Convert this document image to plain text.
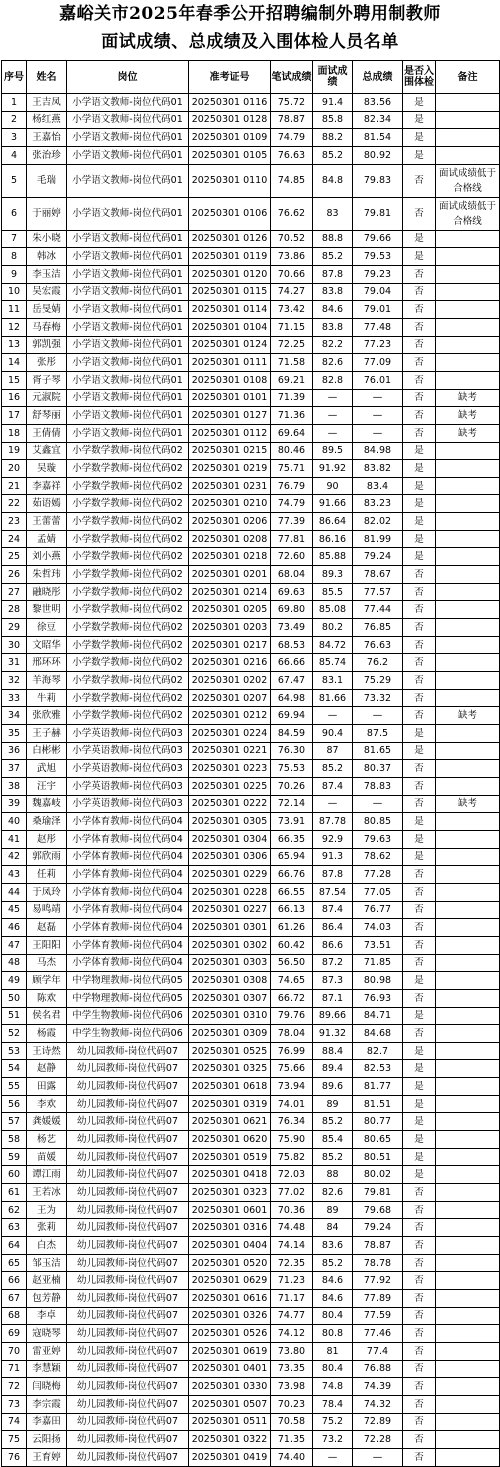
嘉峪关市2025年春季公开招聘编制外聘用制教师
面试成绩、总成绩及入围体检人员名单
序号	姓名	岗位	准考证号	笔试成绩	面试成绩	总成绩	是否入围体检	备注
1	王吉凤	小学语文教师-岗位代码01	20250301 0116	75.72	91.4	83.56	是	
2	杨红燕	小学语文教师-岗位代码01	20250301 0128	78.87	85.8	82.34	是	
3	王嘉怡	小学语文教师-岗位代码01	20250301 0109	74.79	88.2	81.54	是	
4	张治珍	小学语文教师-岗位代码01	20250301 0105	76.63	85.2	80.92	是	
5	毛瑞	小学语文教师-岗位代码01	20250301 0110	74.85	84.8	79.83	否	面试成绩低于合格线
6	于丽婷	小学语文教师-岗位代码01	20250301 0106	76.62	83	79.81	否	面试成绩低于合格线
7	朱小晓	小学语文教师-岗位代码01	20250301 0126	70.52	88.8	79.66	是	
8	韩冰	小学语文教师-岗位代码01	20250301 0119	73.86	85.2	79.53	是	
9	李玉洁	小学语文教师-岗位代码01	20250301 0120	70.66	87.8	79.23	否	
10	吴宏霞	小学语文教师-岗位代码01	20250301 0115	74.27	83.8	79.04	否	
11	岳旻婧	小学语文教师-岗位代码01	20250301 0114	73.42	84.6	79.01	否	
12	马春梅	小学语文教师-岗位代码01	20250301 0104	71.15	83.8	77.48	否	
13	郭凯强	小学语文教师-岗位代码01	20250301 0124	72.25	82.2	77.23	否	
14	张彤	小学语文教师-岗位代码01	20250301 0111	71.58	82.6	77.09	否	
15	胥子琴	小学语文教师-岗位代码01	20250301 0108	69.21	82.8	76.01	否	
16	元淑院	小学语文教师-岗位代码01	20250301 0101	71.39	—	—	否	缺考
17	舒琴丽	小学语文教师-岗位代码01	20250301 0127	71.36	—	—	否	缺考
18	王倩倩	小学语文教师-岗位代码01	20250301 0112	69.64	—	—	否	缺考
19	艾鑫宜	小学数学教师-岗位代码02	20250301 0215	80.46	89.5	84.98	是	
20	吴璇	小学数学教师-岗位代码02	20250301 0219	75.71	91.92	83.82	是	
21	李嘉祥	小学数学教师-岗位代码02	20250301 0231	76.79	90	83.4	是	
22	茹语嫣	小学数学教师-岗位代码02	20250301 0210	74.79	91.66	83.23	是	
23	王蕾蕾	小学数学教师-岗位代码02	20250301 0206	77.39	86.64	82.02	是	
24	孟婧	小学数学教师-岗位代码02	20250301 0208	77.81	86.16	81.99	是	
25	刘小燕	小学数学教师-岗位代码02	20250301 0218	72.60	85.88	79.24	是	
26	朱哲玮	小学数学教师-岗位代码02	20250301 0201	68.04	89.3	78.67	否	
27	融晓彤	小学数学教师-岗位代码02	20250301 0214	69.63	85.5	77.57	否	
28	黎世明	小学数学教师-岗位代码02	20250301 0205	69.80	85.08	77.44	否	
29	徐豆	小学数学教师-岗位代码02	20250301 0203	73.49	80.2	76.85	否	
30	文昭华	小学数学教师-岗位代码02	20250301 0217	68.53	84.72	76.63	否	
31	邢环环	小学数学教师-岗位代码02	20250301 0216	66.66	85.74	76.2	否	
32	羊海琴	小学数学教师-岗位代码02	20250301 0202	67.47	83.1	75.29	否	
33	牛莉	小学数学教师-岗位代码02	20250301 0207	64.98	81.66	73.32	否	
34	张欣雅	小学数学教师-岗位代码02	20250301 0212	69.94	—	—	否	缺考
35	王子赫	小学英语教师-岗位代码03	20250301 0224	84.59	90.4	87.5	是	
36	白彬彬	小学英语教师-岗位代码03	20250301 0221	76.30	87	81.65	是	
37	武旭	小学英语教师-岗位代码03	20250301 0223	75.53	85.2	80.37	否	
38	汪宇	小学英语教师-岗位代码03	20250301 0225	70.26	87.4	78.83	否	
39	魏嘉岐	小学英语教师-岗位代码03	20250301 0222	72.14	—	—	否	缺考
40	桑瑜泽	小学体育教师-岗位代码04	20250301 0305	73.91	87.78	80.85	是	
41	赵彤	小学体育教师-岗位代码04	20250301 0304	66.35	92.9	79.63	是	
42	郭欣雨	小学体育教师-岗位代码04	20250301 0306	65.94	91.3	78.62	是	
43	任莉	小学体育教师-岗位代码04	20250301 0229	66.76	87.8	77.28	否	
44	于凤玲	小学体育教师-岗位代码04	20250301 0228	66.55	87.54	77.05	否	
45	易鸣靖	小学体育教师-岗位代码04	20250301 0227	66.13	87.4	76.77	否	
46	赵磊	小学体育教师-岗位代码04	20250301 0301	61.26	86.4	74.03	否	
47	王阳阳	小学体育教师-岗位代码04	20250301 0302	60.42	86.6	73.51	否	
48	马杰	小学体育教师-岗位代码04	20250301 0303	56.50	87.2	71.85	否	
49	顾学年	中学物理教师-岗位代码05	20250301 0308	74.65	87.3	80.98	是	
50	陈欢	中学物理教师-岗位代码05	20250301 0307	66.72	87.1	76.93	否	
51	侯名君	中学生物教师-岗位代码06	20250301 0310	79.76	89.66	84.71	是	
52	杨霞	中学生物教师-岗位代码06	20250301 0309	78.04	91.32	84.68	否	
53	王诗然	幼儿园教师-岗位代码07	20250301 0525	76.99	88.4	82.7	是	
54	赵静	幼儿园教师-岗位代码07	20250301 0325	75.66	89.4	82.53	是	
55	田露	幼儿园教师-岗位代码07	20250301 0618	73.94	89.6	81.77	是	
56	李欢	幼儿园教师-岗位代码07	20250301 0319	74.01	89	81.51	是	
57	龚媛媛	幼儿园教师-岗位代码07	20250301 0621	76.34	85.2	80.77	是	
58	杨艺	幼儿园教师-岗位代码07	20250301 0620	75.90	85.4	80.65	是	
59	苗媛	幼儿园教师-岗位代码07	20250301 0519	75.82	85.2	80.51	是	
60	谭江雨	幼儿园教师-岗位代码07	20250301 0418	72.03	88	80.02	是	
61	王若冰	幼儿园教师-岗位代码07	20250301 0323	77.02	82.6	79.81	否	
62	王为	幼儿园教师-岗位代码07	20250301 0601	70.36	89	79.68	否	
63	张莉	幼儿园教师-岗位代码07	20250301 0316	74.48	84	79.24	否	
64	白杰	幼儿园教师-岗位代码07	20250301 0404	74.14	83.6	78.87	否	
65	邹玉洁	幼儿园教师-岗位代码07	20250301 0520	72.35	85.2	78.78	否	
66	赵亚楠	幼儿园教师-岗位代码07	20250301 0629	71.23	84.6	77.92	否	
67	包芳静	幼儿园教师-岗位代码07	20250301 0616	71.17	84.6	77.89	否	
68	李卓	幼儿园教师-岗位代码07	20250301 0326	74.77	80.4	77.59	否	
69	寇晓琴	幼儿园教师-岗位代码07	20250301 0526	74.12	80.8	77.46	否	
70	雷亚婷	幼儿园教师-岗位代码07	20250301 0619	73.80	81	77.4	否	
71	李慧颖	幼儿园教师-岗位代码07	20250301 0401	73.35	80.4	76.88	否	
72	闫晓梅	幼儿园教师-岗位代码07	20250301 0330	73.98	74.8	74.39	否	
73	李宗霞	幼儿园教师-岗位代码07	20250301 0507	70.23	78.4	74.32	否	
74	李嘉田	幼儿园教师-岗位代码07	20250301 0511	70.58	75.2	72.89	否	
75	云阳扬	幼儿园教师-岗位代码07	20250301 0322	71.35	73.2	72.28	否	
76	王育婷	幼儿园教师-岗位代码07	20250301 0419	74.40	—	—	否	
